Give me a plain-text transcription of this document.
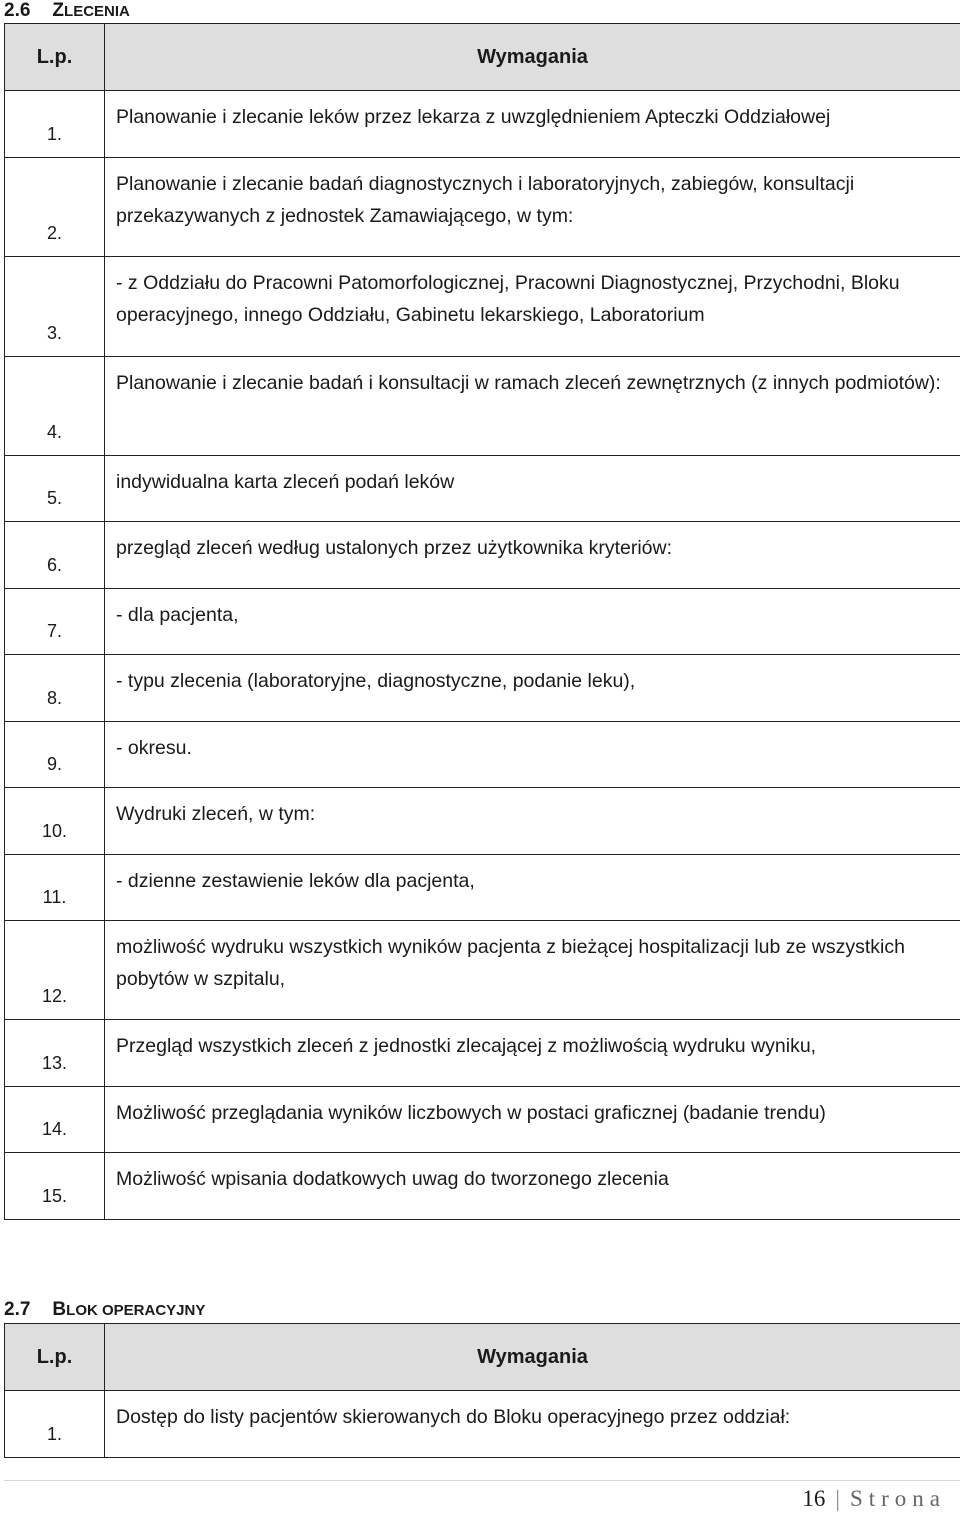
2.6 ZLECENIA
L.p.	Wymagania
1.	Planowanie i zlecanie leków przez lekarza z uwzględnieniem Apteczki Oddziałowej
2.	Planowanie i zlecanie badań diagnostycznych i laboratoryjnych, zabiegów, konsultacji przekazywanych z jednostek Zamawiającego, w tym:
3.	- z Oddziału do Pracowni Patomorfologicznej, Pracowni Diagnostycznej, Przychodni, Bloku operacyjnego, innego Oddziału, Gabinetu lekarskiego, Laboratorium
4.	Planowanie i zlecanie badań i konsultacji w ramach zleceń zewnętrznych (z innych podmiotów):
5.	indywidualna karta zleceń podań leków
6.	przegląd zleceń według ustalonych przez użytkownika kryteriów:
7.	- dla pacjenta,
8.	- typu zlecenia (laboratoryjne, diagnostyczne, podanie leku),
9.	- okresu.
10.	Wydruki zleceń, w tym:
11.	- dzienne zestawienie leków dla pacjenta,
12.	możliwość wydruku wszystkich wyników pacjenta z bieżącej hospitalizacji lub ze wszystkich pobytów w szpitalu,
13.	Przegląd wszystkich zleceń z jednostki zlecającej z możliwością wydruku wyniku,
14.	Możliwość przeglądania wyników liczbowych w postaci graficznej (badanie trendu)
15.	Możliwość wpisania dodatkowych uwag do tworzonego zlecenia
2.7 BLOK OPERACYJNY
L.p.	Wymagania
1.	Dostęp do listy pacjentów skierowanych do Bloku operacyjnego przez oddział:
16 | Strona
